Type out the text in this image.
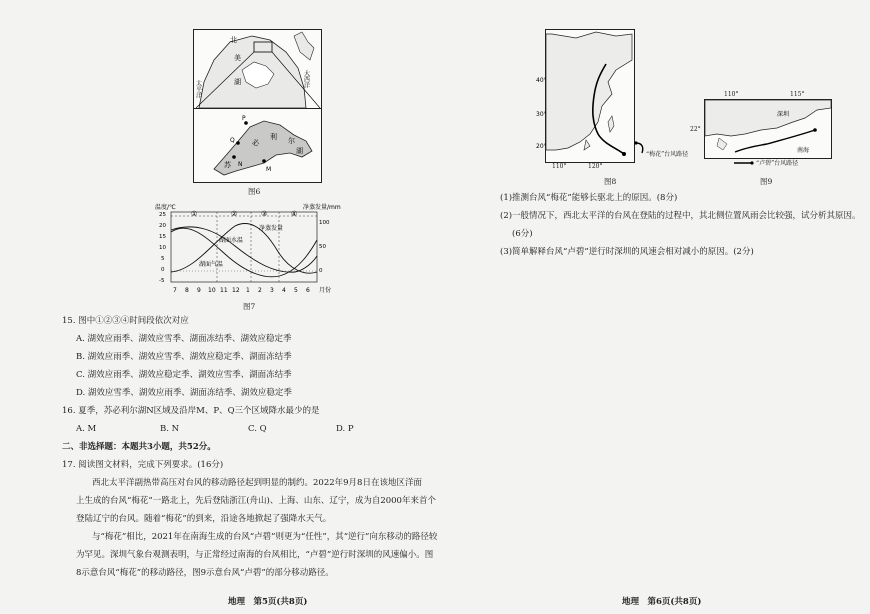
北
美
湖
太平洋
大西洋
P
Q
苏
必
利 尔
N
M
湖
图6
温度/℃	净蒸发量/mm
①	②	③	④
湖面水温
湖面气温
净蒸发量
25
20
15
10
5
0
-5
100
50
0
7 8 9 10 11 12 1 2 3 4 5 6 月份
图7
15. 图中①②③④时间段依次对应
A. 湖效应雨季、湖效应雪季、湖面冻结季、湖效应稳定季
B. 湖效应雨季、湖效应雪季、湖效应稳定季、湖面冻结季
C. 湖效应雨季、湖效应稳定季、湖效应雪季、湖面冻结季
D. 湖效应雪季、湖效应雨季、湖面冻结季、湖效应稳定季
16. 夏季，苏必利尔湖N区域及沿岸M、P、Q三个区域降水最少的是
A. M	B. N	C. Q	D. P
二、非选择题：本题共3小题，共52分。
17. 阅读图文材料，完成下列要求。(16分)
西北太平洋副热带高压对台风的移动路径起到明显的制约。2022年9月8日在该地区洋面
上生成的台风“梅花”一路北上，先后登陆浙江(舟山)、上海、山东、辽宁，成为自2000年来首个
登陆辽宁的台风。随着“梅花”的到来，沿途各地掀起了强降水天气。
与“梅花”相比，2021年在南海生成的台风“卢碧”则更为“任性”，其“逆行”向东移动的路径较
为罕见。深圳气象台观测表明，与正常经过南海的台风相比，“卢碧”逆行时深圳的风速偏小。图
8示意台风“梅花”的移动路径，图9示意台风“卢碧”的部分移动路径。
地理　第5页(共8页)
40°
30°
20°
110°	120°
“梅花”台风路径
图8
110°	115°
22°
深圳
南海
“卢碧”台风路径
图9
(1)推测台风“梅花”能够长驱北上的原因。(8分)
(2)一般情况下，西北太平洋的台风在登陆的过程中，其北侧位置风雨会比较强，试分析其原因。
(6分)
(3)简单解释台风“卢碧”逆行时深圳的风速会相对减小的原因。(2分)
地理　第6页(共8页)
